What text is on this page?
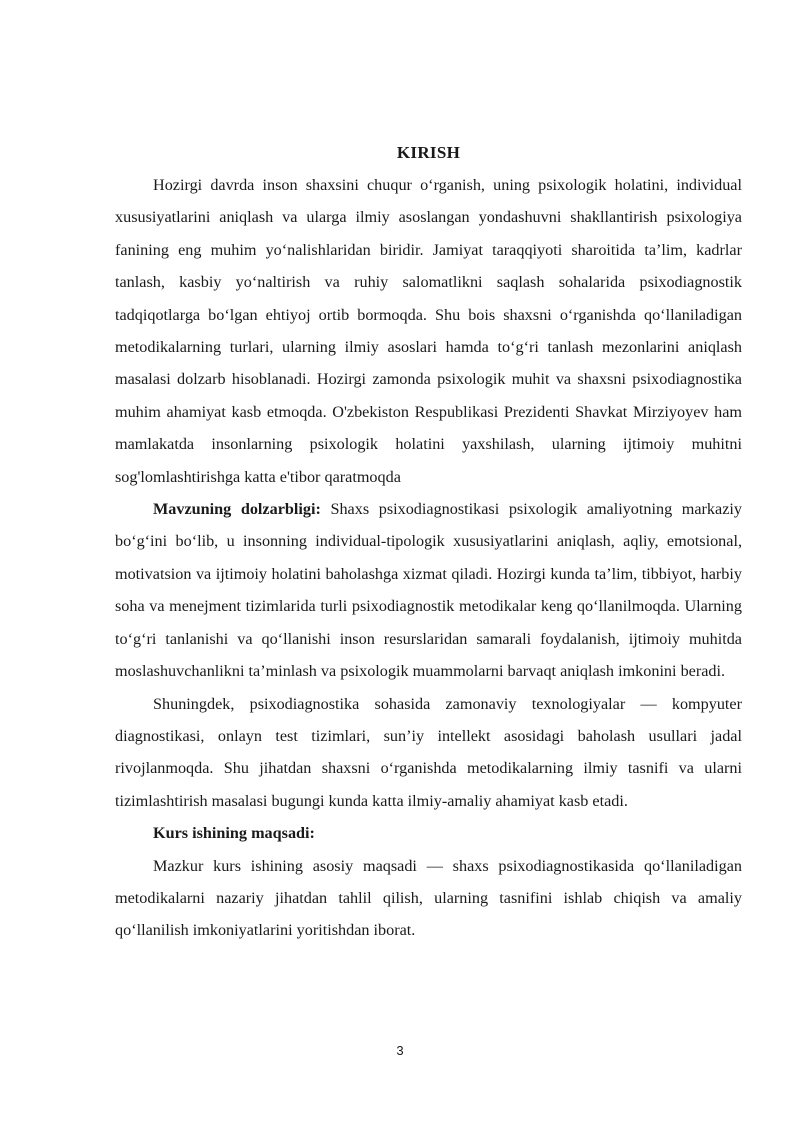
KIRISH

Hozirgi davrda inson shaxsini chuqur o‘rganish, uning psixologik holatini, individual xususiyatlarini aniqlash va ularga ilmiy asoslangan yondashuvni shakllantirish psixologiya fanining eng muhim yo‘nalishlaridan biridir. Jamiyat taraqqiyoti sharoitida ta’lim, kadrlar tanlash, kasbiy yo‘naltirish va ruhiy salomatlikni saqlash sohalarida psixodiagnostik tadqiqotlarga bo‘lgan ehtiyoj ortib bormoqda. Shu bois shaxsni o‘rganishda qo‘llaniladigan metodikalarning turlari, ularning ilmiy asoslari hamda to‘g‘ri tanlash mezonlarini aniqlash masalasi dolzarb hisoblanadi. Hozirgi zamonda psixologik muhit va shaxsni psixodiagnostika muhim ahamiyat kasb etmoqda. O'zbekiston Respublikasi Prezidenti Shavkat Mirziyoyev ham mamlakatda insonlarning psixologik holatini yaxshilash, ularning ijtimoiy muhitni sog'lomlashtirishga katta e'tibor qaratmoqda

Mavzuning dolzarbligi: Shaxs psixodiagnostikasi psixologik amaliyotning markaziy bo‘g‘ini bo‘lib, u insonning individual-tipologik xususiyatlarini aniqlash, aqliy, emotsional, motivatsion va ijtimoiy holatini baholashga xizmat qiladi. Hozirgi kunda ta’lim, tibbiyot, harbiy soha va menejment tizimlarida turli psixodiagnostik metodikalar keng qo‘llanilmoqda. Ularning to‘g‘ri tanlanishi va qo‘llanishi inson resurslaridan samarali foydalanish, ijtimoiy muhitda moslashuvchanlikni ta’minlash va psixologik muammolarni barvaqt aniqlash imkonini beradi.

Shuningdek, psixodiagnostika sohasida zamonaviy texnologiyalar — kompyuter diagnostikasi, onlayn test tizimlari, sun’iy intellekt asosidagi baholash usullari jadal rivojlanmoqda. Shu jihatdan shaxsni o‘rganishda metodikalarning ilmiy tasnifi va ularni tizimlashtirish masalasi bugungi kunda katta ilmiy-amaliy ahamiyat kasb etadi.

Kurs ishining maqsadi:

Mazkur kurs ishining asosiy maqsadi — shaxs psixodiagnostikasida qo‘llaniladigan metodikalarni nazariy jihatdan tahlil qilish, ularning tasnifini ishlab chiqish va amaliy qo‘llanilish imkoniyatlarini yoritishdan iborat.

3
